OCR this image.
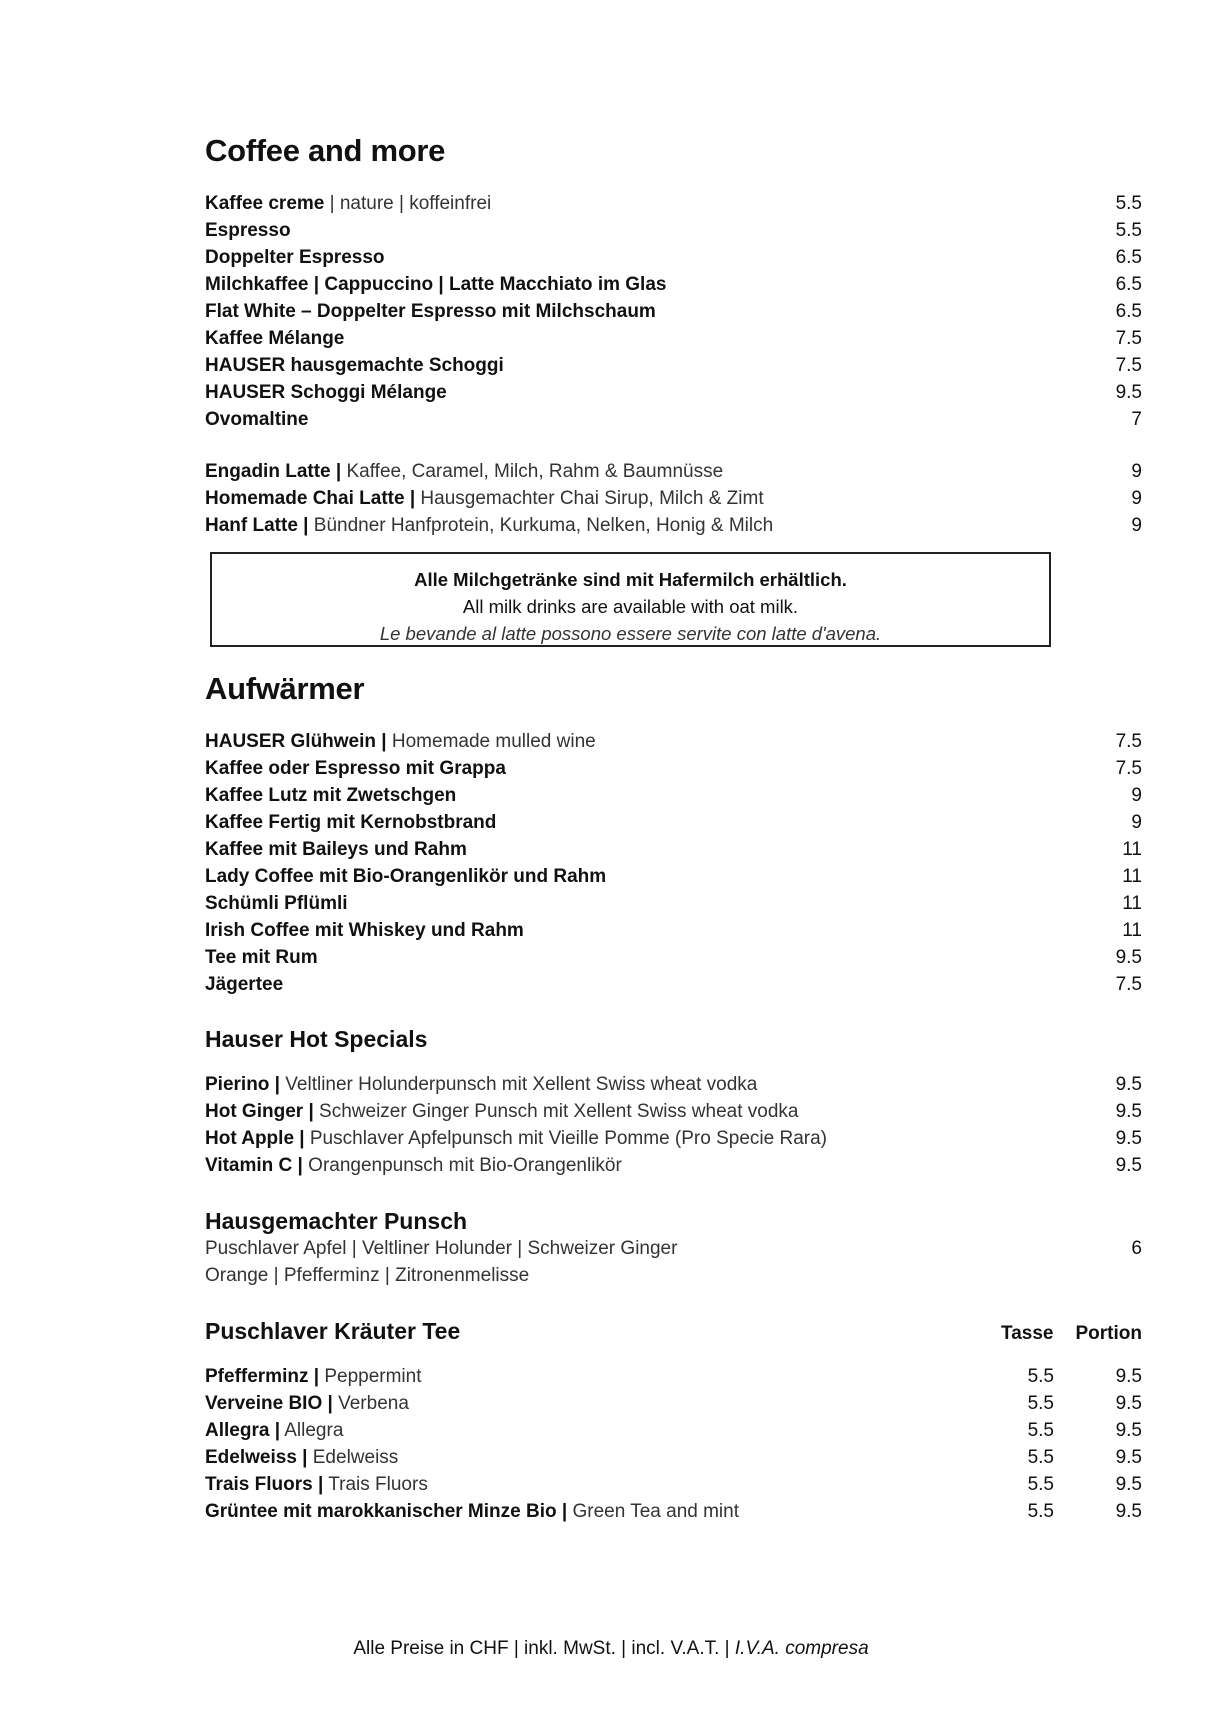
Coffee and more
Kaffee creme | nature | koffeinfrei	5.5
Espresso	5.5
Doppelter Espresso	6.5
Milchkaffee | Cappuccino | Latte Macchiato im Glas	6.5
Flat White – Doppelter Espresso mit Milchschaum	6.5
Kaffee Mélange	7.5
HAUSER hausgemachte Schoggi	7.5
HAUSER Schoggi Mélange	9.5
Ovomaltine	7
Engadin Latte | Kaffee, Caramel, Milch, Rahm & Baumnüsse	9
Homemade Chai Latte | Hausgemachter Chai Sirup, Milch & Zimt	9
Hanf Latte | Bündner Hanfprotein, Kurkuma, Nelken, Honig & Milch	9
Alle Milchgetränke sind mit Hafermilch erhältlich.
All milk drinks are available with oat milk.
Le bevande al latte possono essere servite con latte d'avena.
Aufwärmer
HAUSER Glühwein | Homemade mulled wine	7.5
Kaffee oder Espresso mit Grappa	7.5
Kaffee Lutz mit Zwetschgen	9
Kaffee Fertig mit Kernobstbrand	9
Kaffee mit Baileys und Rahm	11
Lady Coffee mit Bio-Orangenlikör und Rahm	11
Schümli Pflümli	11
Irish Coffee mit Whiskey und Rahm	11
Tee mit Rum	9.5
Jägertee	7.5
Hauser Hot Specials
Pierino | Veltliner Holunderpunsch mit Xellent Swiss wheat vodka	9.5
Hot Ginger | Schweizer Ginger Punsch mit Xellent Swiss wheat vodka	9.5
Hot Apple | Puschlaver Apfelpunsch mit Vieille Pomme (Pro Specie Rara)	9.5
Vitamin C | Orangenpunsch mit Bio-Orangenlikör	9.5
Hausgemachter Punsch
Puschlaver Apfel | Veltliner Holunder | Schweizer Ginger	6
Orange | Pfefferminz | Zitronenmelisse
Puschlaver Kräuter Tee	Tasse Portion
Pfefferminz | Peppermint	5.5	9.5
Verveine BIO | Verbena	5.5	9.5
Allegra | Allegra	5.5	9.5
Edelweiss | Edelweiss	5.5	9.5
Trais Fluors | Trais Fluors	5.5	9.5
Grüntee mit marokkanischer Minze Bio | Green Tea and mint	5.5	9.5
Alle Preise in CHF | inkl. MwSt. | incl. V.A.T. | I.V.A. compresa
